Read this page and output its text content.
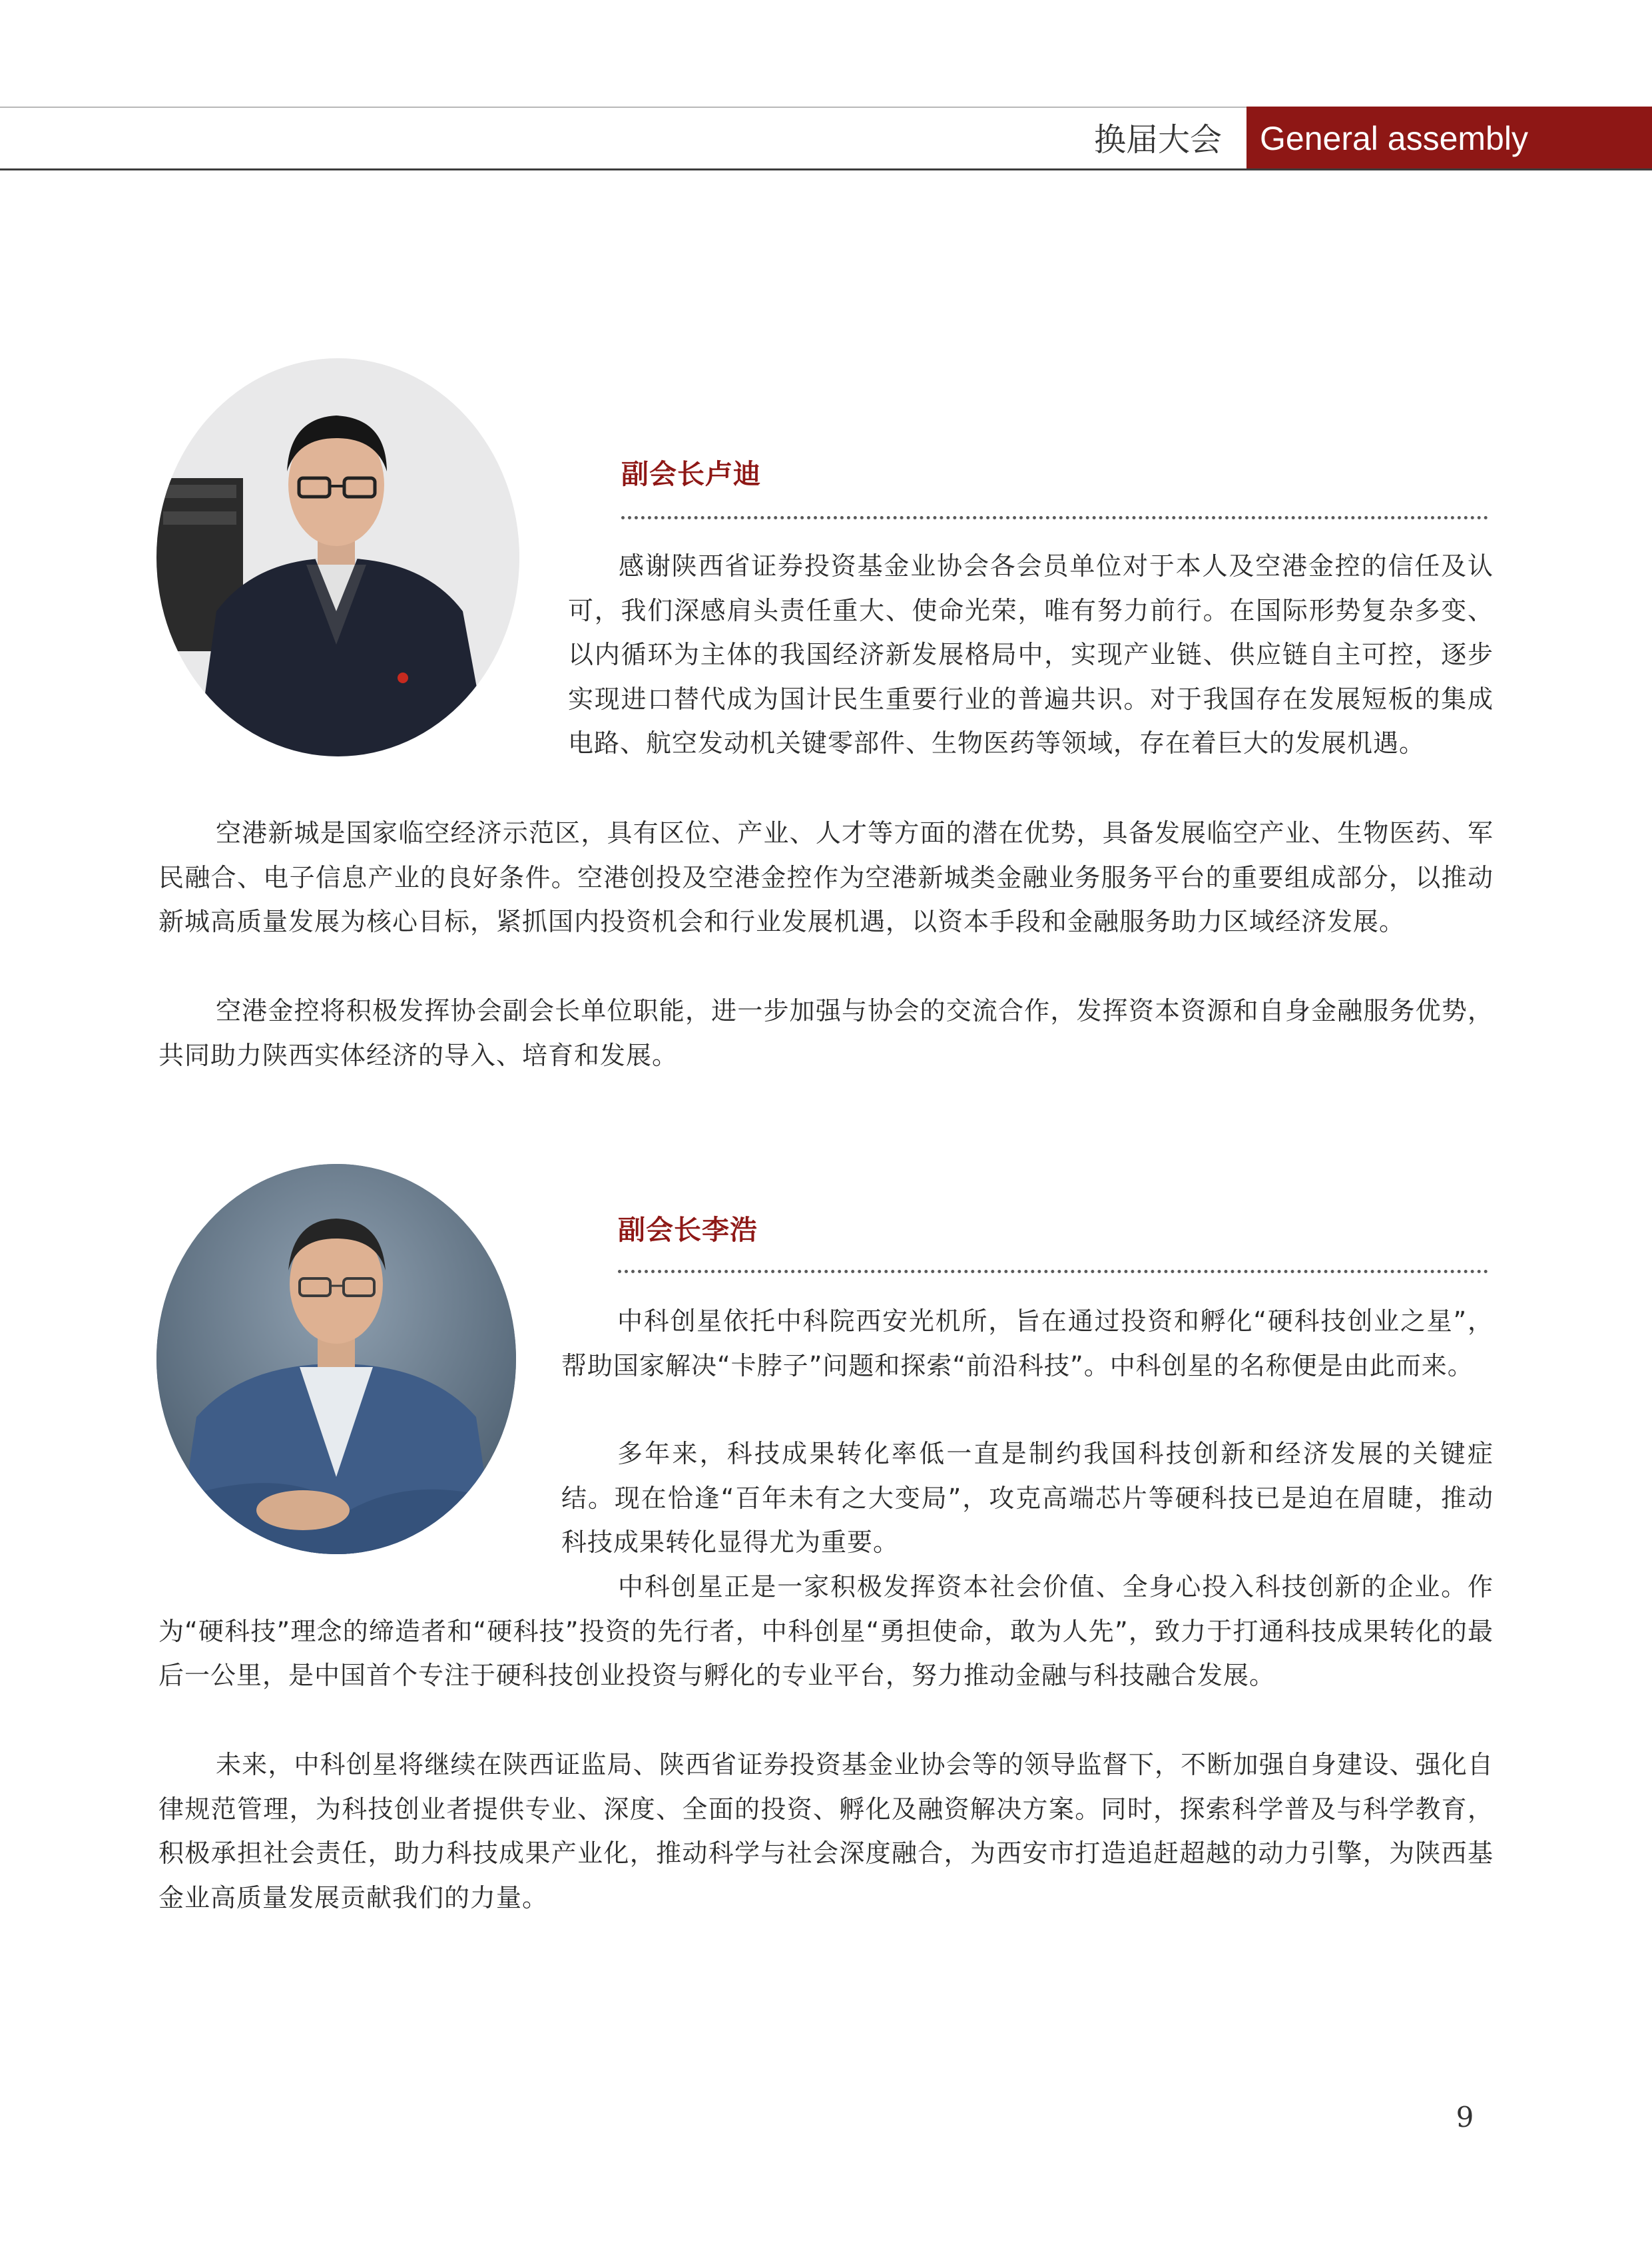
换届大会	General assembly
副会长卢迪

感谢陕西省证券投资基金业协会各会员单位对于本人及空港金控的信任及认可，我们深感肩头责任重大、使命光荣，唯有努力前行。在国际形势复杂多变、以内循环为主体的我国经济新发展格局中，实现产业链、供应链自主可控，逐步实现进口替代成为国计民生重要行业的普遍共识。对于我国存在发展短板的集成电路、航空发动机关键零部件、生物医药等领域，存在着巨大的发展机遇。

空港新城是国家临空经济示范区，具有区位、产业、人才等方面的潜在优势，具备发展临空产业、生物医药、军民融合、电子信息产业的良好条件。空港创投及空港金控作为空港新城类金融业务服务平台的重要组成部分，以推动新城高质量发展为核心目标，紧抓国内投资机会和行业发展机遇，以资本手段和金融服务助力区域经济发展。

空港金控将积极发挥协会副会长单位职能，进一步加强与协会的交流合作，发挥资本资源和自身金融服务优势，共同助力陕西实体经济的导入、培育和发展。

副会长李浩

中科创星依托中科院西安光机所，旨在通过投资和孵化“硬科技创业之星”，帮助国家解决“卡脖子”问题和探索“前沿科技”。中科创星的名称便是由此而来。

多年来，科技成果转化率低一直是制约我国科技创新和经济发展的关键症结。现在恰逢“百年未有之大变局”，攻克高端芯片等硬科技已是迫在眉睫，推动科技成果转化显得尤为重要。

中科创星正是一家积极发挥资本社会价值、全身心投入科技创新的企业。作为“硬科技”理念的缔造者和“硬科技”投资的先行者，中科创星“勇担使命，敢为人先”，致力于打通科技成果转化的最后一公里，是中国首个专注于硬科技创业投资与孵化的专业平台，努力推动金融与科技融合发展。

未来，中科创星将继续在陕西证监局、陕西省证券投资基金业协会等的领导监督下，不断加强自身建设、强化自律规范管理，为科技创业者提供专业、深度、全面的投资、孵化及融资解决方案。同时，探索科学普及与科学教育，积极承担社会责任，助力科技成果产业化，推动科学与社会深度融合，为西安市打造追赶超越的动力引擎，为陕西基金业高质量发展贡献我们的力量。

9
